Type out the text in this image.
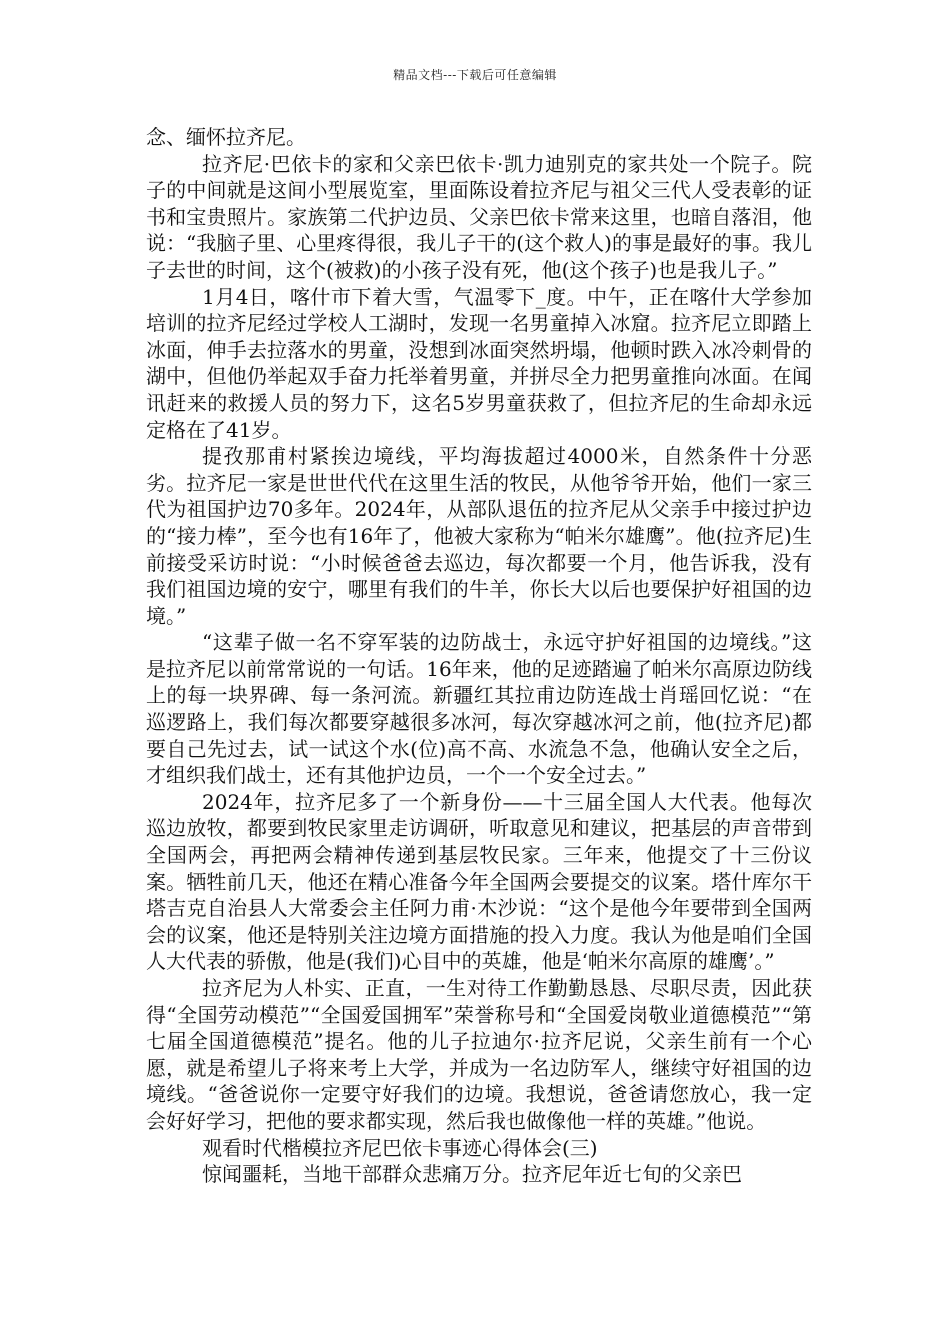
精品文档---下载后可任意编辑

念、缅怀拉齐尼。

拉齐尼·巴依卡的家和父亲巴依卡·凯力迪别克的家共处一个院子。院子的中间就是这间小型展览室，里面陈设着拉齐尼与祖父三代人受表彰的证书和宝贵照片。家族第二代护边员、父亲巴依卡常来这里，也暗自落泪，他说：“我脑子里、心里疼得很，我儿子干的(这个救人)的事是最好的事。我儿子去世的时间，这个(被救)的小孩子没有死，他(这个孩子)也是我儿子。”

1月4日，喀什市下着大雪，气温零下_度。中午，正在喀什大学参加培训的拉齐尼经过学校人工湖时，发现一名男童掉入冰窟。拉齐尼立即踏上冰面，伸手去拉落水的男童，没想到冰面突然坍塌，他顿时跌入冰冷刺骨的湖中，但他仍举起双手奋力托举着男童，并拼尽全力把男童推向冰面。在闻讯赶来的救援人员的努力下，这名5岁男童获救了，但拉齐尼的生命却永远定格在了41岁。

提孜那甫村紧挨边境线，平均海拔超过4000米，自然条件十分恶劣。拉齐尼一家是世世代代在这里生活的牧民，从他爷爷开始，他们一家三代为祖国护边70多年。2024年，从部队退伍的拉齐尼从父亲手中接过护边的“接力棒”，至今也有16年了，他被大家称为“帕米尔雄鹰”。他(拉齐尼)生前接受采访时说：“小时候爸爸去巡边，每次都要一个月，他告诉我，没有我们祖国边境的安宁，哪里有我们的牛羊，你长大以后也要保护好祖国的边境。”

“这辈子做一名不穿军装的边防战士，永远守护好祖国的边境线。”这是拉齐尼以前常常说的一句话。16年来，他的足迹踏遍了帕米尔高原边防线上的每一块界碑、每一条河流。新疆红其拉甫边防连战士肖瑶回忆说：“在巡逻路上，我们每次都要穿越很多冰河，每次穿越冰河之前，他(拉齐尼)都要自己先过去，试一试这个水(位)高不高、水流急不急，他确认安全之后，才组织我们战士，还有其他护边员，一个一个安全过去。”

2024年，拉齐尼多了一个新身份——十三届全国人大代表。他每次巡边放牧，都要到牧民家里走访调研，听取意见和建议，把基层的声音带到全国两会，再把两会精神传递到基层牧民家。三年来，他提交了十三份议案。牺牲前几天，他还在精心准备今年全国两会要提交的议案。塔什库尔干塔吉克自治县人大常委会主任阿力甫·木沙说：“这个是他今年要带到全国两会的议案，他还是特别关注边境方面措施的投入力度。我认为他是咱们全国人大代表的骄傲，他是(我们)心目中的英雄，他是‘帕米尔高原的雄鹰’。”

拉齐尼为人朴实、正直，一生对待工作勤勤恳恳、尽职尽责，因此获得“全国劳动模范”“全国爱国拥军”荣誉称号和“全国爱岗敬业道德模范”“第七届全国道德模范”提名。他的儿子拉迪尔·拉齐尼说，父亲生前有一个心愿，就是希望儿子将来考上大学，并成为一名边防军人，继续守好祖国的边境线。“爸爸说你一定要守好我们的边境。我想说，爸爸请您放心，我一定会好好学习，把他的要求都实现，然后我也做像他一样的英雄。”他说。

观看时代楷模拉齐尼巴依卡事迹心得体会(三)

惊闻噩耗，当地干部群众悲痛万分。拉齐尼年近七旬的父亲巴
